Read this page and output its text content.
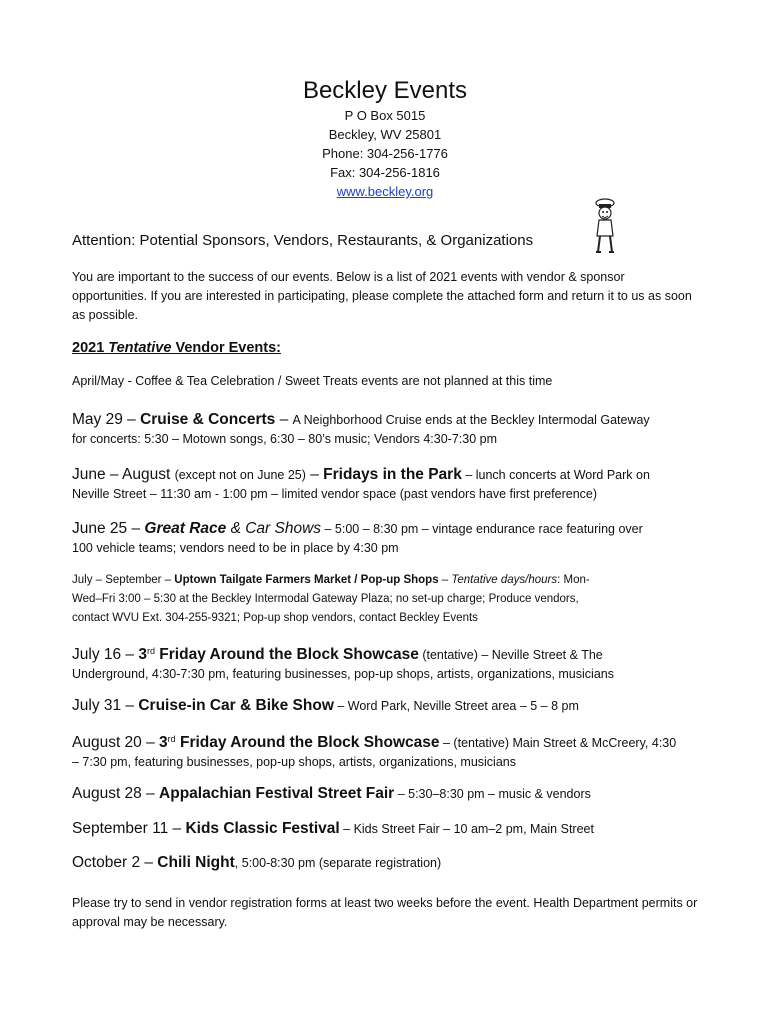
Beckley Events
P O Box 5015
Beckley, WV 25801
Phone: 304-256-1776
Fax: 304-256-1816
www.beckley.org
Attention: Potential Sponsors, Vendors, Restaurants, & Organizations
You are important to the success of our events. Below is a list of 2021 events with vendor & sponsor opportunities. If you are interested in participating, please complete the attached form and return it to us as soon as possible.
2021 Tentative Vendor Events:
April/May - Coffee & Tea Celebration / Sweet Treats events are not planned at this time
May 29 – Cruise & Concerts – A Neighborhood Cruise ends at the Beckley Intermodal Gateway
for concerts: 5:30 – Motown songs, 6:30 – 80’s music; Vendors 4:30-7:30 pm
June – August (except not on June 25) – Fridays in the Park – lunch concerts at Word Park on
Neville Street – 11:30 am - 1:00 pm – limited vendor space (past vendors have first preference)
June 25 – Great Race & Car Shows – 5:00 – 8:30 pm – vintage endurance race featuring over
100 vehicle teams; vendors need to be in place by 4:30 pm
July – September – Uptown Tailgate Farmers Market / Pop-up Shops – Tentative days/hours: Mon-
Wed–Fri 3:00 – 5:30 at the Beckley Intermodal Gateway Plaza; no set-up charge; Produce vendors,
contact WVU Ext. 304-255-9321; Pop-up shop vendors, contact Beckley Events
July 16 – 3rd Friday Around the Block Showcase (tentative) – Neville Street & The
Underground, 4:30-7:30 pm, featuring businesses, pop-up shops, artists, organizations, musicians
July 31 – Cruise-in Car & Bike Show – Word Park, Neville Street area – 5 – 8 pm
August 20 – 3rd Friday Around the Block Showcase – (tentative) Main Street & McCreery, 4:30
– 7:30 pm, featuring businesses, pop-up shops, artists, organizations, musicians
August 28 – Appalachian Festival Street Fair – 5:30–8:30 pm – music & vendors
September 11 – Kids Classic Festival – Kids Street Fair – 10 am–2 pm, Main Street
October 2 – Chili Night, 5:00-8:30 pm (separate registration)
Please try to send in vendor registration forms at least two weeks before the event. Health Department permits or approval may be necessary.
